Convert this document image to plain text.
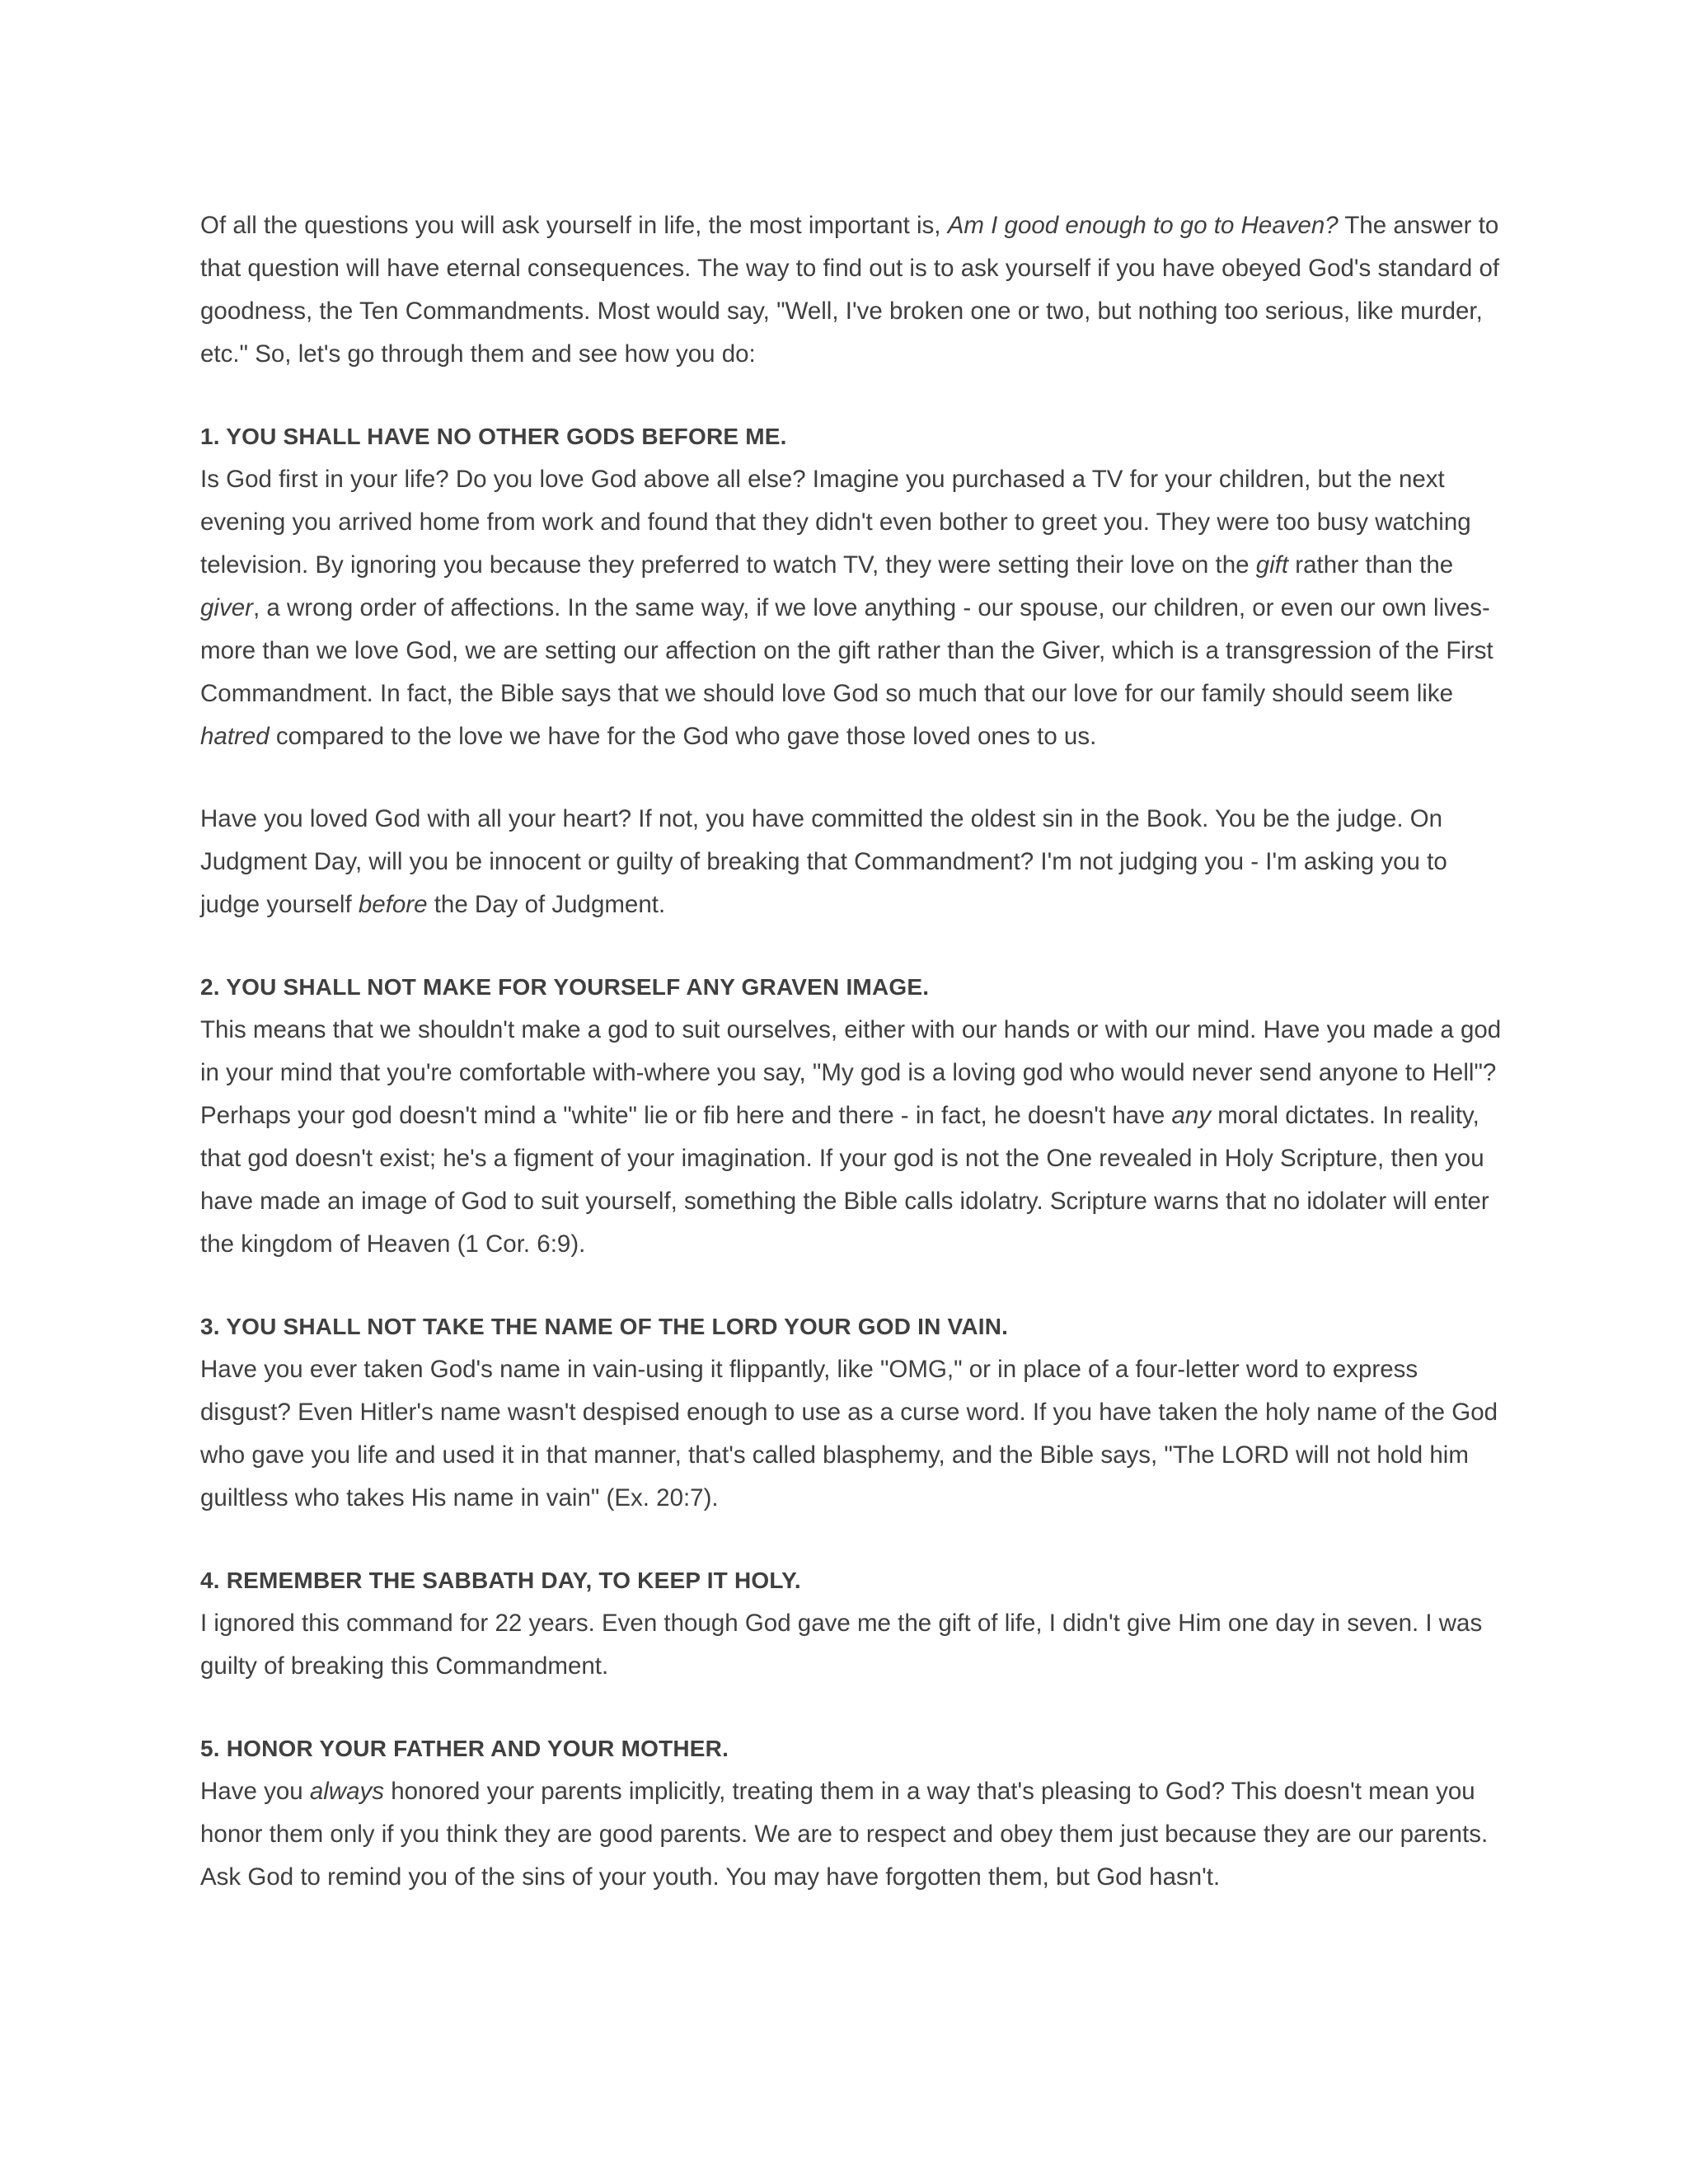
Of all the questions you will ask yourself in life, the most important is, Am I good enough to go to Heaven? The answer to that question will have eternal consequences. The way to find out is to ask yourself if you have obeyed God's standard of goodness, the Ten Commandments. Most would say, "Well, I've broken one or two, but nothing too serious, like murder, etc." So, let's go through them and see how you do:

1. YOU SHALL HAVE NO OTHER GODS BEFORE ME.

Is God first in your life? Do you love God above all else? Imagine you purchased a TV for your children, but the next evening you arrived home from work and found that they didn't even bother to greet you. They were too busy watching television. By ignoring you because they preferred to watch TV, they were setting their love on the gift rather than the giver, a wrong order of affections. In the same way, if we love anything - our spouse, our children, or even our own lives-more than we love God, we are setting our affection on the gift rather than the Giver, which is a transgression of the First Commandment. In fact, the Bible says that we should love God so much that our love for our family should seem like hatred compared to the love we have for the God who gave those loved ones to us.

Have you loved God with all your heart? If not, you have committed the oldest sin in the Book. You be the judge. On Judgment Day, will you be innocent or guilty of breaking that Commandment? I'm not judging you - I'm asking you to judge yourself before the Day of Judgment.

2. YOU SHALL NOT MAKE FOR YOURSELF ANY GRAVEN IMAGE.

This means that we shouldn't make a god to suit ourselves, either with our hands or with our mind. Have you made a god in your mind that you're comfortable with-where you say, "My god is a loving god who would never send anyone to Hell"? Perhaps your god doesn't mind a "white" lie or fib here and there - in fact, he doesn't have any moral dictates. In reality, that god doesn't exist; he's a figment of your imagination. If your god is not the One revealed in Holy Scripture, then you have made an image of God to suit yourself, something the Bible calls idolatry. Scripture warns that no idolater will enter the kingdom of Heaven (1 Cor. 6:9).

3. YOU SHALL NOT TAKE THE NAME OF THE LORD YOUR GOD IN VAIN.

Have you ever taken God's name in vain-using it flippantly, like "OMG," or in place of a four-letter word to express disgust? Even Hitler's name wasn't despised enough to use as a curse word. If you have taken the holy name of the God who gave you life and used it in that manner, that's called blasphemy, and the Bible says, "The LORD will not hold him guiltless who takes His name in vain" (Ex. 20:7).

4. REMEMBER THE SABBATH DAY, TO KEEP IT HOLY.

I ignored this command for 22 years. Even though God gave me the gift of life, I didn't give Him one day in seven. I was guilty of breaking this Commandment.

5. HONOR YOUR FATHER AND YOUR MOTHER.

Have you always honored your parents implicitly, treating them in a way that's pleasing to God? This doesn't mean you honor them only if you think they are good parents. We are to respect and obey them just because they are our parents. Ask God to remind you of the sins of your youth. You may have forgotten them, but God hasn't.
